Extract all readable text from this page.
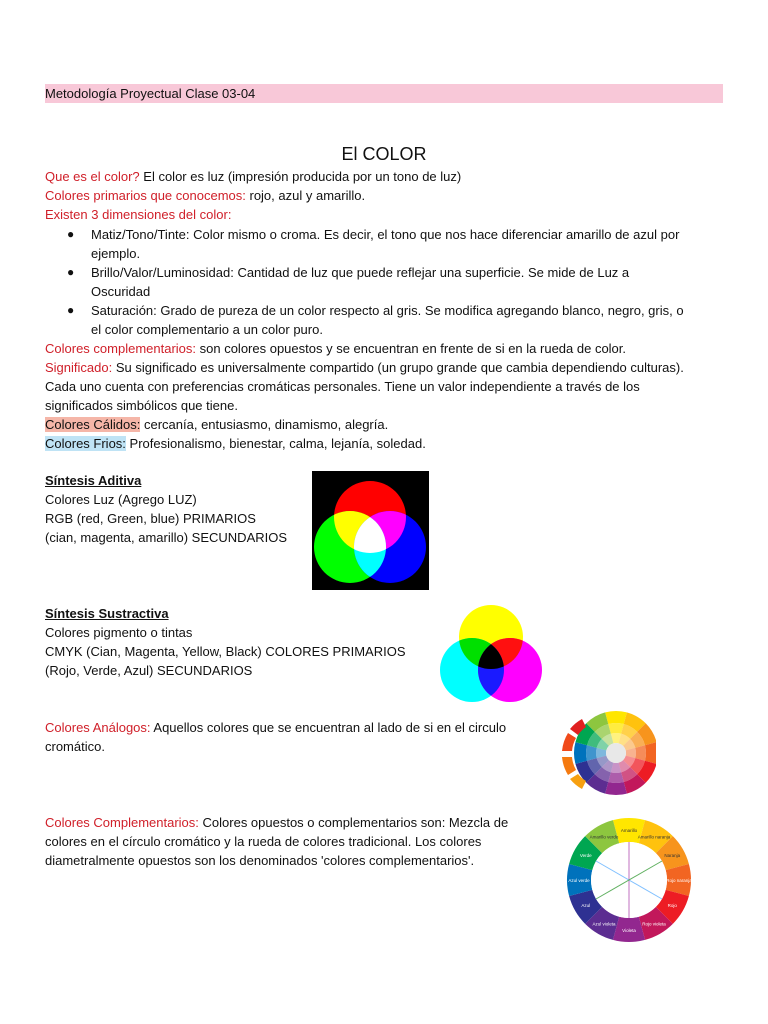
Metodología Proyectual Clase 03-04
El COLOR
Que es el color? El color es luz (impresión producida por un tono de luz)
Colores primarios que conocemos: rojo, azul y amarillo.
Existen 3 dimensiones del color:
● Matiz/Tono/Tinte: Color mismo o croma. Es decir, el tono que nos hace diferenciar amarillo de azul por
ejemplo.
● Brillo/Valor/Luminosidad: Cantidad de luz que puede reflejar una superficie. Se mide de Luz a
Oscuridad
● Saturación: Grado de pureza de un color respecto al gris. Se modifica agregando blanco, negro, gris, o
el color complementario a un color puro.
Colores complementarios: son colores opuestos y se encuentran en frente de si en la rueda de color.
Significado: Su significado es universalmente compartido (un grupo grande que cambia dependiendo culturas).
Cada uno cuenta con preferencias cromáticas personales. Tiene un valor independiente a través de los
significados simbólicos que tiene.
Colores Cálidos: cercanía, entusiasmo, dinamismo, alegría.
Colores Frios: Profesionalismo, bienestar, calma, lejanía, soledad.
Síntesis Aditiva
Colores Luz (Agrego LUZ)
RGB (red, Green, blue) PRIMARIOS
(cian, magenta, amarillo) SECUNDARIOS
Síntesis Sustractiva
Colores pigmento o tintas
CMYK (Cian, Magenta, Yellow, Black) COLORES PRIMARIOS
(Rojo, Verde, Azul) SECUNDARIOS
Colores Análogos: Aquellos colores que se encuentran al lado de si en el circulo
cromático.
Colores Complementarios: Colores opuestos o complementarios son: Mezcla de
colores en el círculo cromático y la rueda de colores tradicional. Los colores
diametralmente opuestos son los denominados 'colores complementarios'.
Amarillo
Amarillo naranja
Naranja
Rojo naranja
Rojo
Rojo violeta
Violeta
Azul violeta
Azul
Azul verde
Verde
Amarillo verde
